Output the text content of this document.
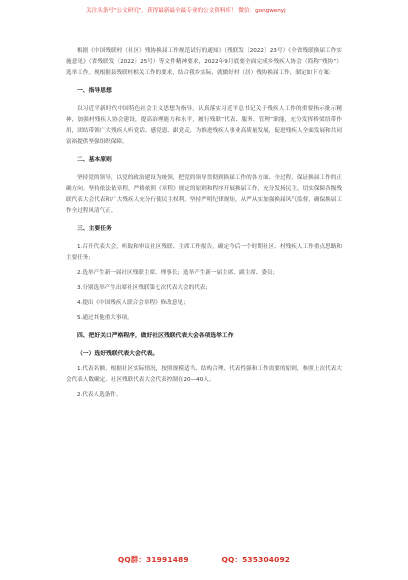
关注头条号"公文研究"，获得最新最全最专业的公文资料库！ 微信：gongwenyj

根据《中国残联村（社区）残协换届工作规范试行的通知》（残联发〔2022〕23号）《全省残联换届工作实施意见》（省残联发〔2022〕25号）等文件精神要求，2022年9月底要全面完成乡残疾人协会（简称“残协”）选举工作。现根据县残联村相关工作的要求，结合我乡实际，就做好村（居）残协换届工作，制定如下方案：

一、指导思想

以习近平新时代中国特色社会主义思想为指导，认真落实习近平总书记关于残疾人工作的重要指示批示精神，加强村残疾人协会建设，提高治理能力和水平，履行残联“代表、服务、管理”职能，充分发挥桥梁纽带作用，团结带领广大残疾人听党话、感党恩、跟党走，为推进残疾人事业高质量发展，促进残疾人全面发展和共同富裕提供坚强组织保障。

二、基本原则

坚持党的领导，以党的政治建设为统领，把党的领导贯彻到换届工作的各方面、全过程，保证换届工作的正确方向。坚持依法依章程，严格依照《章程》规定的原则和程序开展换届工作，充分发扬民主，切实保障各级残联代表大会代表和广大残疾人充分行使民主权利，坚持严明纪律规矩，从严从实加强换届风气监督，确保换届工作全过程风清气正。

三、主要任务

1.召开代表大会，听取和审议社区残联、主席工作报告，确定今后一个时期社区、村残疾人工作重点思路和主要任务；

2.选举产生新一届社区残联主席、理事长；选举产生新一届主席、副主席、委员；

3.分别选举产生出席社区残联第七次代表大会的代表；

4.提出《中国残疾人联合会章程》修改意见；

5.通过其他重大事项。

四、把好关口严格程序，做好社区残联代表大会各项选举工作

（一）选好残联代表大会代表。

1.代表名额。根据社区实际情况，按照规模适当、结构合理、代表性强和工作需要的原则，参照上次代表大会代表人数确定。社区残联代表大会代表控制在20—40人。

2.代表人选条件。

QQ群：31991489	QQ：535304092
